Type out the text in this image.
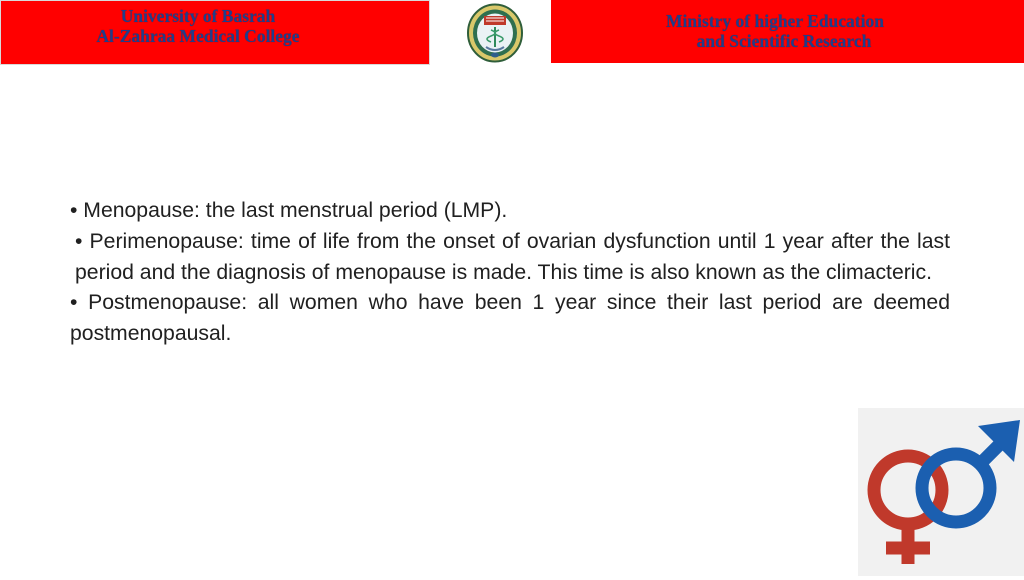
University of Basrah
Al-Zahraa Medical College
Ministry of higher Education
and Scientific Research

• Menopause: the last menstrual period (LMP).

• Perimenopause: time of life from the onset of ovarian dysfunction until 1 year after the last period and the diagnosis of menopause is made. This time is also known as the climacteric.

• Postmenopause: all women who have been 1 year since their last period are deemed postmenopausal.
